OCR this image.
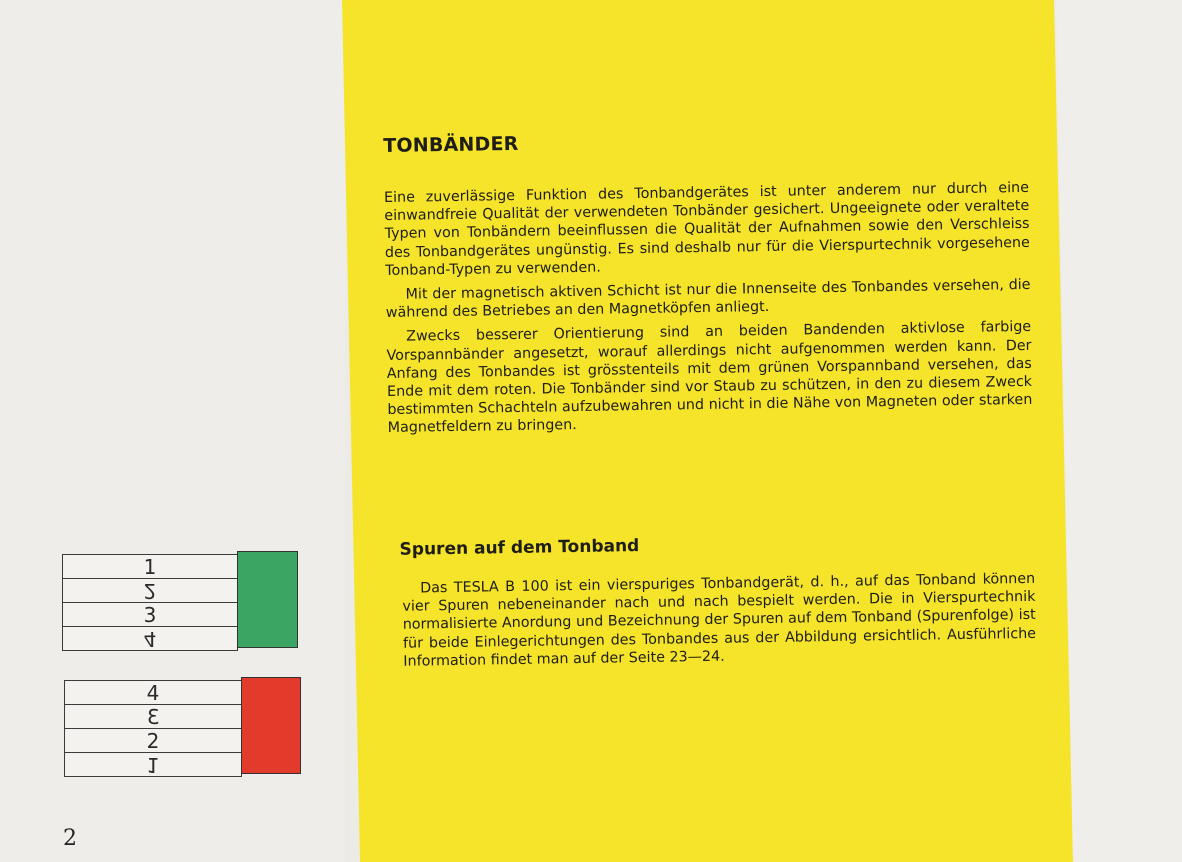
TONBÄNDER

Eine zuverlässige Funktion des Tonbandgerätes ist unter anderem nur durch eine einwandfreie Qualität der verwendeten Tonbänder gesichert. Ungeeignete oder veraltete Typen von Tonbändern beeinflussen die Qualität der Aufnahmen sowie den Verschleiss des Tonbandgerätes ungünstig. Es sind deshalb nur für die Vierspurtechnik vorgesehene Tonband-Typen zu verwenden.

Mit der magnetisch aktiven Schicht ist nur die Innenseite des Tonbandes versehen, die während des Betriebes an den Magnetköpfen anliegt.

Zwecks besserer Orientierung sind an beiden Bandenden aktivlose farbige Vorspannbänder angesetzt, worauf allerdings nicht aufgenommen werden kann. Der Anfang des Tonbandes ist grösstenteils mit dem grünen Vorspannband versehen, das Ende mit dem roten. Die Tonbänder sind vor Staub zu schützen, in den zu diesem Zweck bestimmten Schachteln aufzubewahren und nicht in die Nähe von Magneten oder starken Magnetfeldern zu bringen.

Spuren auf dem Tonband

Das TESLA B 100 ist ein vierspuriges Tonbandgerät, d. h., auf das Tonband können vier Spuren nebeneinander nach und nach bespielt werden. Die in Vierspurtechnik normalisierte Anordung und Bezeichnung der Spuren auf dem Tonband (Spurenfolge) ist für beide Einlegerichtungen des Tonbandes aus der Abbildung ersichtlich. Ausführliche Information findet man auf der Seite 23—24.

1
2
3
4
4
3
2
1
2
